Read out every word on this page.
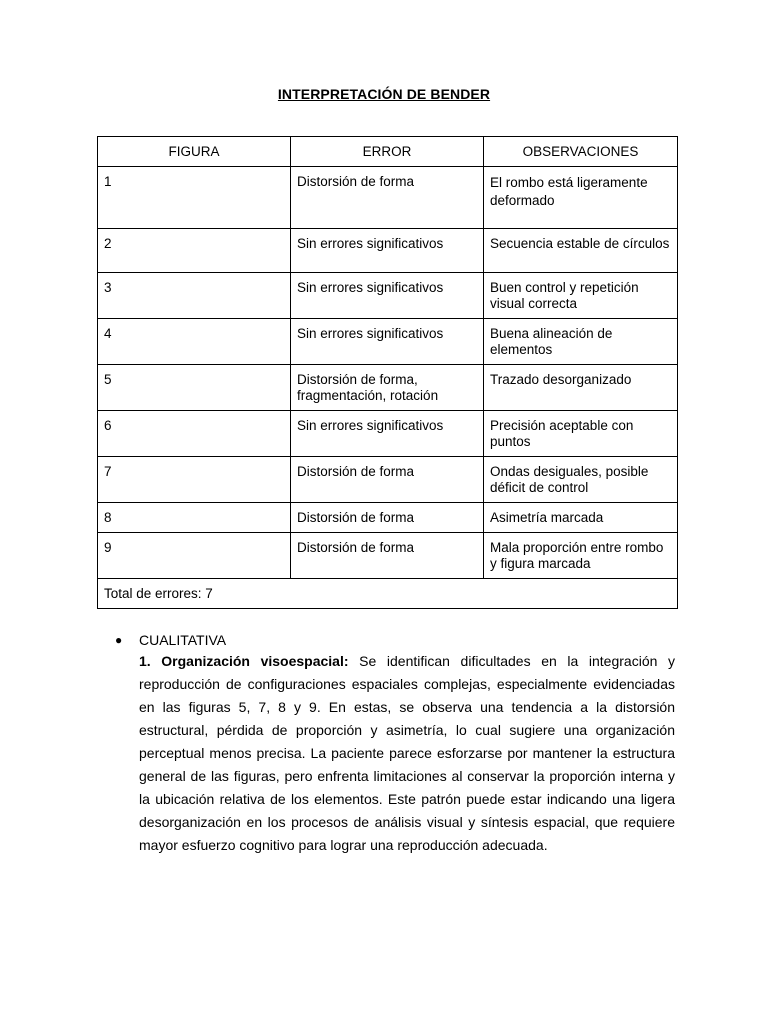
INTERPRETACIÓN DE BENDER
FIGURA	ERROR	OBSERVACIONES
1	Distorsión de forma	El rombo está ligeramente deformado
2	Sin errores significativos	Secuencia estable de círculos
3	Sin errores significativos	Buen control y repetición visual correcta
4	Sin errores significativos	Buena alineación de elementos
5	Distorsión de forma, fragmentación, rotación	Trazado desorganizado
6	Sin errores significativos	Precisión aceptable con puntos
7	Distorsión de forma	Ondas desiguales, posible déficit de control
8	Distorsión de forma	Asimetría marcada
9	Distorsión de forma	Mala proporción entre rombo y figura marcada
Total de errores: 7		
●	CUALITATIVA
1. Organización visoespacial: Se identifican dificultades en la integración y reproducción de configuraciones espaciales complejas, especialmente evidenciadas en las figuras 5, 7, 8 y 9. En estas, se observa una tendencia a la distorsión estructural, pérdida de proporción y asimetría, lo cual sugiere una organización perceptual menos precisa. La paciente parece esforzarse por mantener la estructura general de las figuras, pero enfrenta limitaciones al conservar la proporción interna y la ubicación relativa de los elementos. Este patrón puede estar indicando una ligera desorganización en los procesos de análisis visual y síntesis espacial, que requiere mayor esfuerzo cognitivo para lograr una reproducción adecuada.
